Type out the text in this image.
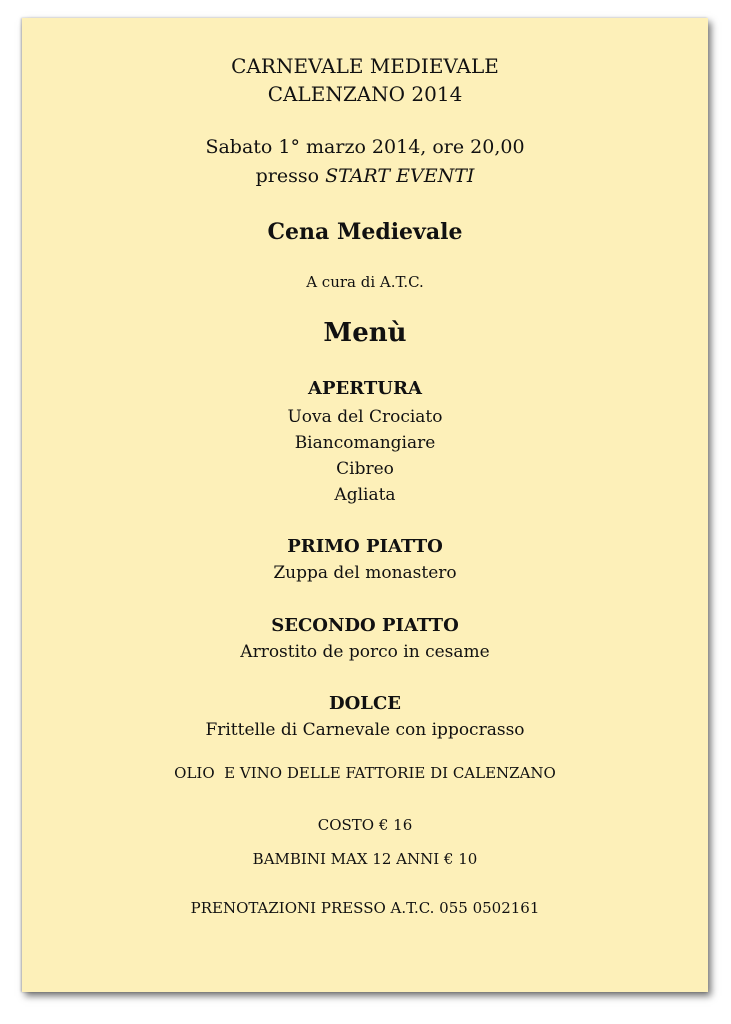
CARNEVALE MEDIEVALE
CALENZANO 2014
Sabato 1° marzo 2014, ore 20,00
presso START EVENTI
Cena Medievale
A cura di A.T.C.
Menù
APERTURA
Uova del Crociato
Biancomangiare
Cibreo
Agliata
PRIMO PIATTO
Zuppa del monastero
SECONDO PIATTO
Arrostito de porco in cesame
DOLCE
Frittelle di Carnevale con ippocrasso
OLIO  E VINO DELLE FATTORIE DI CALENZANO
COSTO € 16
BAMBINI MAX 12 ANNI € 10
PRENOTAZIONI PRESSO A.T.C. 055 0502161
